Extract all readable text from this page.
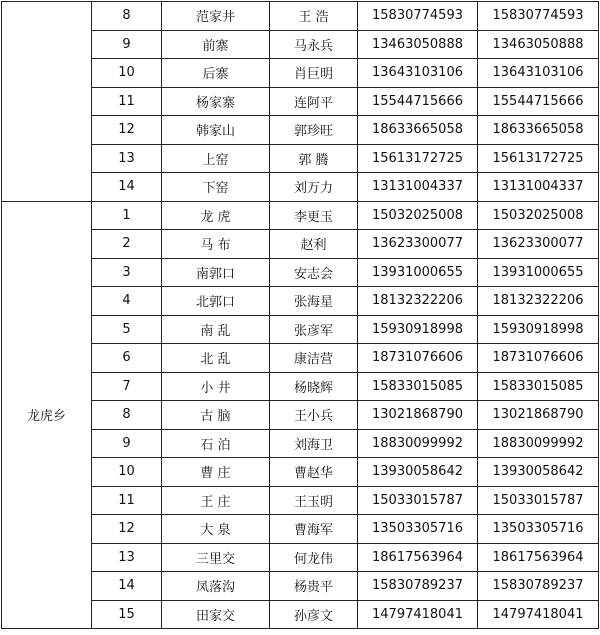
	8	范家井	王 浩	15830774593	15830774593
	9	前寨	马永兵	13463050888	13463050888
	10	后寨	肖巨明	13643103106	13643103106
	11	杨家寨	连阿平	15544715666	15544715666
	12	韩家山	郭珍旺	18633665058	18633665058
	13	上窑	郭 腾	15613172725	15613172725
	14	下窑	刘万力	13131004337	13131004337
龙虎乡	1	龙 虎	李更玉	15032025008	15032025008
	2	马 布	赵利	13623300077	13623300077
	3	南郭口	安志会	13931000655	13931000655
	4	北郭口	张海星	18132322206	18132322206
	5	南 乱	张彦军	15930918998	15930918998
	6	北 乱	康洁营	18731076606	18731076606
	7	小 井	杨晓辉	15833015085	15833015085
	8	古 脑	王小兵	13021868790	13021868790
	9	石 泊	刘海卫	18830099992	18830099992
	10	曹 庄	曹赵华	13930058642	13930058642
	11	王 庄	王玉明	15033015787	15033015787
	12	大 泉	曹海军	13503305716	13503305716
	13	三里交	何龙伟	18617563964	18617563964
	14	凤落沟	杨贵平	15830789237	15830789237
	15	田家交	孙彦文	14797418041	14797418041
